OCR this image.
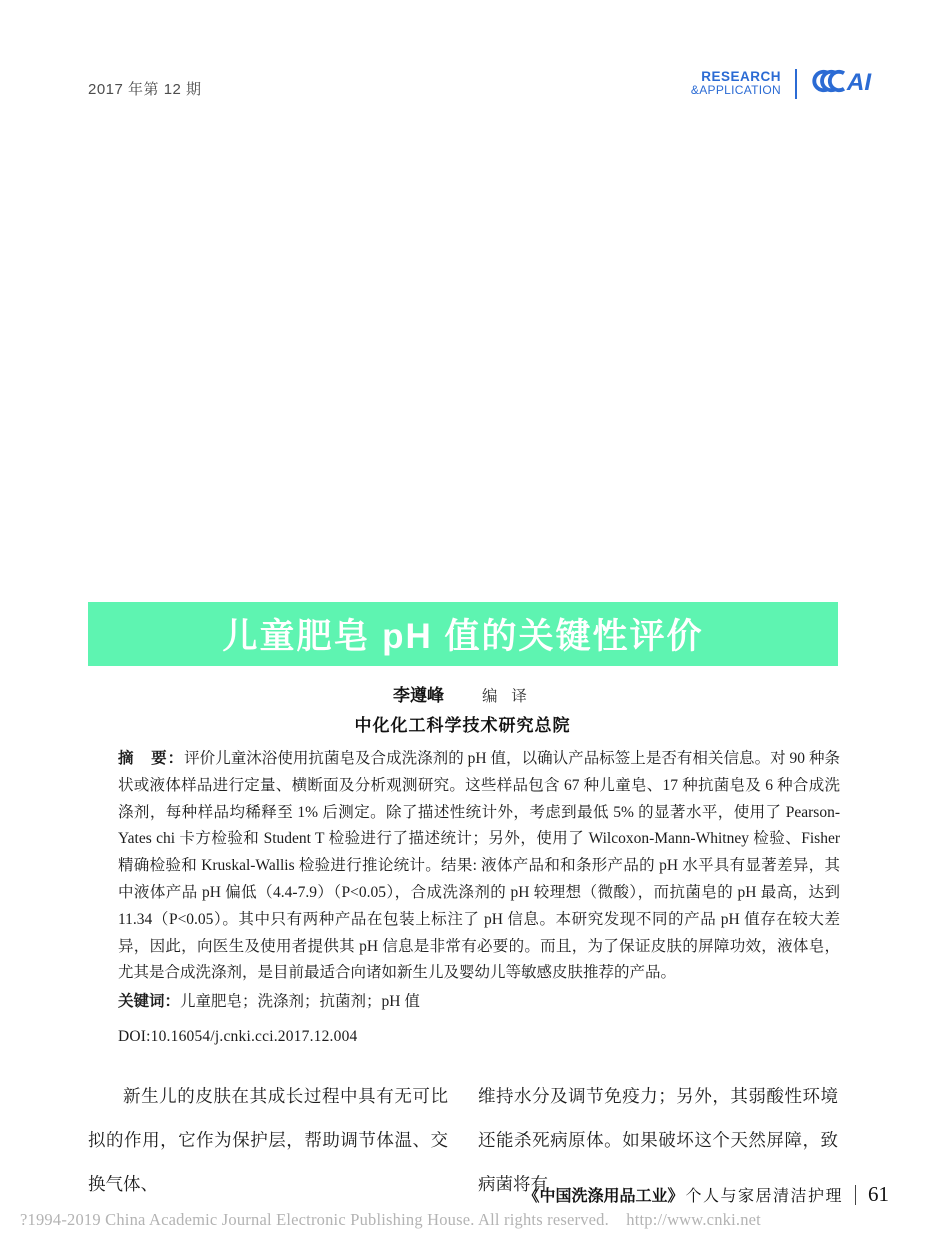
2017 年第 12 期
RESEARCH
&APPLICATION AI
儿童肥皂 pH 值的关键性评价
李遵峰 编 译
中化化工科学技术研究总院

摘　要：评价儿童沐浴使用抗菌皂及合成洗涤剂的 pH 值，以确认产品标签上是否有相关信息。对 90 种条状或液体样品进行定量、横断面及分析观测研究。这些样品包含 67 种儿童皂、17 种抗菌皂及 6 种合成洗涤剂，每种样品均稀释至 1% 后测定。除了描述性统计外，考虑到最低 5% 的显著水平，使用了 Pearson-Yates chi 卡方检验和 Student T 检验进行了描述统计；另外，使用了 Wilcoxon-Mann-Whitney 检验、Fisher 精确检验和 Kruskal-Wallis 检验进行推论统计。结果: 液体产品和和条形产品的 pH 水平具有显著差异，其中液体产品 pH 偏低（4.4-7.9）（P<0.05），合成洗涤剂的 pH 较理想（微酸），而抗菌皂的 pH 最高，达到 11.34（P<0.05）。其中只有两种产品在包装上标注了 pH 信息。本研究发现不同的产品 pH 值存在较大差异，因此，向医生及使用者提供其 pH 信息是非常有必要的。而且，为了保证皮肤的屏障功效，液体皂，尤其是合成洗涤剂，是目前最适合向诸如新生儿及婴幼儿等敏感皮肤推荐的产品。

关键词：儿童肥皂；洗涤剂；抗菌剂；pH 值

DOI:10.16054/j.cnki.cci.2017.12.004

新生儿的皮肤在其成长过程中具有无可比拟的作用，它作为保护层，帮助调节体温、交换气体、

维持水分及调节免疫力；另外，其弱酸性环境还能杀死病原体。如果破坏这个天然屏障，致病菌将有

《中国洗涤用品工业》 个人与家居清洁护理 61
?1994-2019 China Academic Journal Electronic Publishing House. All rights reserved.    http://www.cnki.net
